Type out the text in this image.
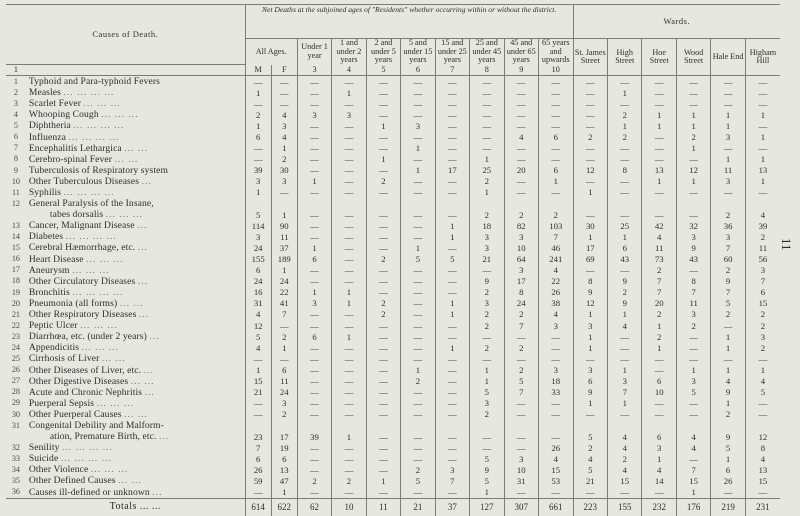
11
Causes of Death.		Net Deaths at the subjoined ages of "Residents" whether occurring within or without the district.										Wards.					
		All Ages.		Under 1 year	1 and under 2 years	2 and under 5 years	5 and under 15 years	15 and under 25 years	25 and under 45 years	45 and under 65 years	65 years and upwards	St. James Street	High Street	Hoe Street	Wood Street	Hale End	Higham Hill
1		M	F	3	4	5	6	7	8	9	10						
1	Typhoid and Para-typhoid Fevers	—	—	—	—	—	—	—	—	—	—	—	—	—	—	—	—
2	Measles ... ... ... ...	1	—	—	1	—	—	—	—	—	—	—	1	—	—	—	—
3	Scarlet Fever ... ... ...	—	—	—	—	—	—	—	—	—	—	—	—	—	—	—	—
4	Whooping Cough ... ... ...	2	4	3	3	—	—	—	—	—	—	—	2	1	1	1	1
5	Diphtheria ... ... ... ...	1	3	—	—	1	3	—	—	—	—	—	1	1	1	1	—
6	Influenza ... ... ... ...	6	4	—	—	—	—	—	—	4	6	2	2	—	2	3	1
7	Encephalitis Lethargica ... ...	—	1	—	—	—	1	—	—	—	—	—	—	—	1	—	—
8	Cerebro-spinal Fever ... ...	—	2	—	—	1	—	—	1	—	—	—	—	—	—	1	1
9	Tuberculosis of Respiratory system	39	30	—	—	—	1	17	25	20	6	12	8	13	12	11	13
10	Other Tuberculous Diseases ...	3	3	1	—	2	—	—	2	—	1	—	—	1	1	3	1
11	Syphilis ... ... ... ...	1	—	—	—	—	—	—	1	—	—	1	—	—	—	—	—
12	General Paralysis of the Insane,																
	tabes dorsalis ... ... ...	5	1	—	—	—	—	—	2	2	2	—	—	—	—	2	4
13	Cancer, Malignant Disease ...	114	90	—	—	—	—	1	18	82	103	30	25	42	32	36	39
14	Diabetes ... ... ... ...	3	11	—	—	—	—	1	3	3	7	1	1	4	3	3	2
15	Cerebral Hæmorrhage, etc. ...	24	37	1	—	—	1	—	3	10	46	17	6	11	9	7	11
16	Heart Disease ... ... ...	155	189	6	—	2	5	5	21	64	241	69	43	73	43	60	56
17	Aneurysm ... ... ...	6	1	—	—	—	—	—	—	3	4	—	—	2	—	2	3
18	Other Circulatory Diseases ...	24	24	—	—	—	—	—	9	17	22	8	9	7	8	9	7
19	Bronchitis ... ... ... ...	16	22	1	1	—	—	—	2	8	26	9	2	7	7	7	6
20	Pneumonia (all forms) ... ...	31	41	3	1	2	—	1	3	24	38	12	9	20	11	5	15
21	Other Respiratory Diseases ...	4	7	—	—	2	—	1	2	2	4	1	1	2	3	2	2
22	Peptic Ulcer ... ... ...	12	—	—	—	—	—	—	2	7	3	3	4	1	2	—	2
23	Diarrhœa, etc. (under 2 years) ...	5	2	6	1	—	—	—	—	—	—	1	—	2	—	1	3
24	Appendicitis ... ... ...	4	1	—	—	—	—	1	2	2	—	1	—	1	—	1	2
25	Cirrhosis of Liver ... ...	—	—	—	—	—	—	—	—	—	—	—	—	—	—	—	—
26	Other Diseases of Liver, etc. ...	1	6	—	—	—	1	—	1	2	3	3	1	—	1	1	1
27	Other Digestive Diseases ... ...	15	11	—	—	—	2	—	1	5	18	6	3	6	3	4	4
28	Acute and Chronic Nephritis ...	21	24	—	—	—	—	—	5	7	33	9	7	10	5	9	5
29	Puerperal Sepsis ... ... ...	—	3	—	—	—	—	—	3	—	—	1	1	—	—	1	—
30	Other Puerperal Causes ... ...	—	2	—	—	—	—	—	2	—	—	—	—	—	—	2	—
31	Congenital Debility and Malform-																
	ation, Premature Birth, etc. ...	23	17	39	1	—	—	—	—	—	—	5	4	6	4	9	12
32	Senility ... ... ... ...	7	19	—	—	—	—	—	—	—	26	2	4	3	4	5	8
33	Suicide ... ... ... ...	6	6	—	—	—	—	—	5	3	4	4	2	1	—	1	4
34	Other Violence ... ... ...	26	13	—	—	—	2	3	9	10	15	5	4	4	7	6	13
35	Other Defined Causes ... ...	59	47	2	2	1	5	7	5	31	53	21	15	14	15	26	15
36	Causes ill-defined or unknown ...	—	1	—	—	—	—	—	1	—	—	—	—	—	1	—	—
	Totals ... ...	614	622	62	10	11	21	37	127	307	661	223	155	232	176	219	231
